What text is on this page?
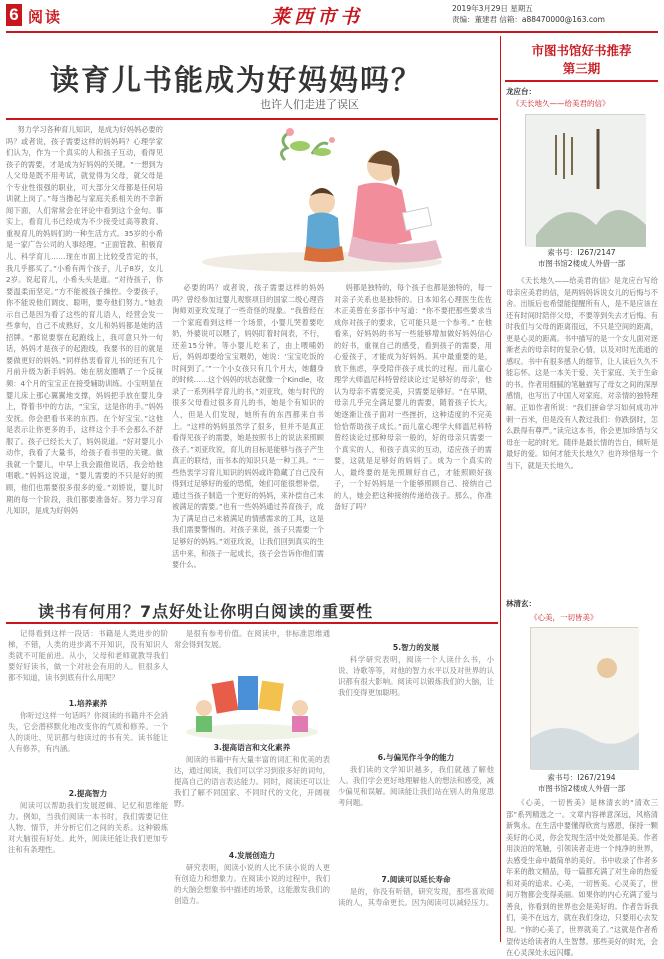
6 阅读	莱西市书	2019年3月29日 星期五
责编：董建君 信箱：a88470000@163.com
读育儿书能成为好妈妈吗？
也许人们走进了误区
努力学习各种育儿知识，是成为好妈妈必要的吗？或者说，孩子需要这样的妈妈吗？心理学家们认为，作为一个真实的人和孩子互动，看得见孩子的需要，才是成为好妈妈的关键。“一想到为人父母是既不用考试，就觉得为父母，就父母是个专业性很强的职业，可大部分父母都是任何培训就上岗了。”每当撸起与家庭关系相关的不幸新闻下面，人们常常会在评论中看到这个金句。事实上，看育儿书已经成为不少接受过高等教育、重视育儿的妈妈们的一种生活方式。35岁的小希是一家广告公司的人事经理。“正面管教、积极育儿、科学育儿……现在市面上比较受肯定的书，我几乎都买了。”小希有两个孩子，儿子8岁，女儿2岁。说起育儿，小希头头是道。“对待孩子，你要温柔而坚定。”方不能被孩子操控。令要孩子，你不能说他们调皮、聪明，要夸他们努力。”她表示自己是因为看了这些的育儿语人，经营会发一些拿句，自己不成熟好，女儿和妈妈都是她的活招牌。“都说要察在起跑线上，我可意只外一句话，妈妈才是孩子的起跑线，我要书的目的就是要做更好的妈妈。”同样热衷看育儿书的还有几个月前升级为新手妈妈。她在朋友圈晒了一个反视频：4个月的宝宝正在接受辅助训练。小宝明显在婴儿床上那心翼翼地支撑，妈妈把手放在婴儿身上，脊着书中的方法，“宝宝，这是你的手。”妈妈安抚。你会把看书来的东西。在个好宝宝。”这他是表示让你更多的手，这样这个手不会那么不舒服了。孩子已经长大了，妈妈说道。“好对婴儿小动作，我看了大量书，给孩子看书里的关键。做我就一个婴儿，中早上我会跟他说话，我会给他唱歌。”妈妈这说道，“婴儿需要的不只是好的照顾，他们也需要很多很多的爱。”刘娇说，婴儿时期的每一个阶段，我们都要准备好。努力学习育儿知识，是成为好妈妈
必要的吗？或者说，孩子需要这样的妈妈吗？曾经参加过婴儿观察项目的国家二级心理咨询师刘亚玫发现了一些奇怪的现象。“我曾经在一个家庭看到这样一个场景，小婴儿哭着要吃奶，外婆说可以喂了，妈妈盯着时间表，不行，还差15分钟。等小婴儿吃来了，由上喂哺奶后，妈妈却要给宝宝喂奶，她说：‘宝宝吃饭的时间到了。’”一个小女孩只有几个月大，她翻身的时候……这个妈妈的状态就像一个Kindle，收录了一系列科学育儿的书。”刘亚玫，她与时代的很多父母看过很多育儿的书，她是个有知识的人，但是人们发现，她所有的东西都来自书上。“这样的妈妈虽然学了很多，但并不是真正看得见孩子的需要，她是按照书上的说法来照顾孩子。”刘亚玫说，育儿的目标是能够与孩子产生真正的联结，而书本的知识只是一种工具。“一些热衷学习育儿知识的妈妈或许隐藏了自己没有得到过足够好的爱的恐慌，她们可能很想补偿，通过当孩子制造一个更好的妈妈，来补偿自己未被满足的需要。”也有一些妈妈通过养育孩子，成为了满足自己未被满足的情感需求的工具，这是我们需要警惕的。对孩子来说，孩子只需要一个足够好的妈妈。”刘亚玫说，让我们回到真实的生活中来，和孩子一起成长，孩子会告诉你他们需要什么。
妈都是独特的，每个孩子也都是独特的，每一对亲子关系也是独特的。日本知名心理医生佐佐木正美曾在多部书中写道：“你不要把那些要求当成你对孩子的要求，它可能只是一个参考。” 在他看来，好妈妈的书写一些能够增加做好妈妈信心的好书，重视自己的感受，看到孩子的需要，用心爱孩子，才能成为好妈妈。其中最重要的是，放下焦虑，享受陪伴孩子成长的过程。而儿童心理学大师温尼科特曾经谈论过‘足够好的母亲’，他认为母亲不需要完美，只需要足够好。“在早期，母亲几乎完全满足婴儿的需要，随着孩子长大，她逐渐让孩子面对一些挫折，这种适度的不完美恰恰帮助孩子成长。”而儿童心理学大师温尼科特曾经谈论过那种母亲一般的，好的母亲只需要一个真实的人，和孩子真实的互动，适应孩子的需要，这就是足够好的妈妈了。成为一个真实的人，最终要的是先照顾好自己，才能照顾好孩子，一个好妈妈是一个能够照顾自己、接纳自己的人，她会把这种接纳传递给孩子。那么，你准备好了吗？
市图书馆好书推荐
第三期
龙应台：
《天长地久——给美君的信》
索书号：I267/2147
市图书馆2楼成人外借一部
《天长地久——给美君的信》是龙应台写给母亲应美君的信，是两妈妈诉说女儿的后悔与不舍。出版后也希望能提醒所有人，是不是应该在还有时间时陪伴父母，不要等到失去才后悔。有时我们与父母的距离很远，不只是空间的距离，更是心灵的距离。书中描写的是一个女儿面对逐渐老去的母亲时的复杂心情，以及对时光流逝的感叹。书中有很多感人的细节，让人读后久久不能忘怀。这是一本关于爱、关于家庭、关于生命的书。作者用细腻的笔触描写了母女之间的深厚感情，也写出了中国人对家庭、对亲情的独特理解。正如作者所说：“我们拼命学习如何成功冲刺一百米，但是没有人教过我们：你跌倒时，怎么跌得有尊严。”读完这本书，你会更加珍惜与父母在一起的时光。随伴是最长情的告白，倾听是最好的爱。如何才能天长地久？也许珍惜每一个当下，就是天长地久。
林清玄：
《心美，一切皆美》
索书号：I267/2194
市图书馆2楼成人外借一部
《心美，一切皆美》是林清玄的“清欢三部”系列精选之一。文章内容禅意深远，风格清新隽永。在生活中要懂得欣赏与感恩，保持一颗美好的心灵，你会发现生活中处处都是美。作者用淡泊的笔触，引领读者走进一个纯净的世界，去感受生命中最简单的美好。书中收录了作者多年来的散文精品，每一篇都充满了对生命的热爱和对美的追求。心美，一切皆美。心灵美了，世间万物都会变得美丽。如果你的内心充满了爱与善良，你看到的世界也会是美好的。作者告诉我们，美不在远方，就在我们身边，只要用心去发现。“你的心美了，世界就美了。”这就是作者希望传达给读者的人生智慧。那些美好的时光，会在心灵深处永远闪耀。
读书有何用？7点好处让你明白阅读的重要性
记得看到这样一段话：书籍是人类进步的阶梯，不错，人类的进步离不开知识，没有知识人类就不可能前进。从小，父母和老师就教导我们要好好读书，做一个对社会有用的人。但很多人都不知道，读书到底有什么用呢？
1.培养素养
你听过这样一句话吗？你阅读的书籍并不会消失，它会潜移默化地改变你的气质和修养。一个人的谈吐、见识都与他读过的书有关。读书能让人有修养，有内涵。
2.提高智力
阅读可以帮助我们发展逻辑、记忆和思维能力。例如，当我们阅读一本书时，我们需要记住人物、情节，并分析它们之间的关系。这种锻炼对大脑很有好处。此外，阅读还能让我们更加专注和有条理性。
是很有参考价值。在阅读中，非标准思维通常会得到发展。
3.提高语言和文化素养
阅读的书籍中有大量丰富的词汇和优美的表达，通过阅读，我们可以学习到很多好的词句，提高自己的语言表达能力。同时，阅读还可以让我们了解不同国家、不同时代的文化，开阔视野。
4.发展创造力
研究表明，阅读小说的人比不读小说的人更有创造力和想象力。在阅读小说的过程中，我们的大脑会想象书中描述的场景，这能激发我们的创造力。
5.智力的发展
科学研究表明，阅读一个人读什么书，小说、诗歌等等，对他的智力水平以及对世界的认识都有很大影响。阅读可以锻炼我们的大脑，让我们变得更加聪明。
6.与偏见作斗争的能力
我们读的文学知识越多，我们就越了解他人。我们学会更好地理解他人的想法和感受，减少偏见和误解。阅读能让我们站在别人的角度思考问题。
7.阅读可以延长寿命
是的，你没有听错，研究发现，那些喜欢阅读的人，其寿命更长。因为阅读可以减轻压力。
